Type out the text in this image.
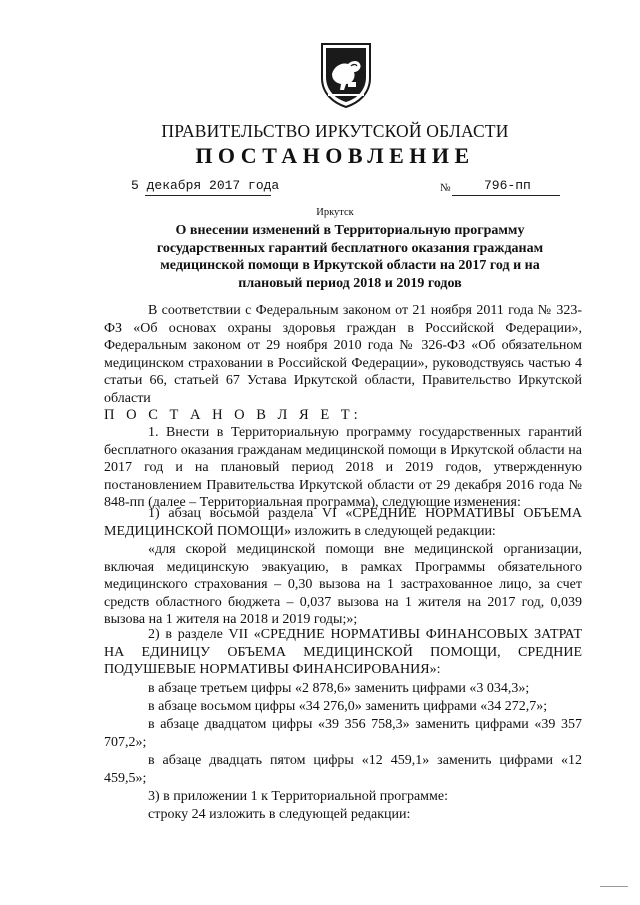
ПРАВИТЕЛЬСТВО ИРКУТСКОЙ ОБЛАСТИ
ПОСТАНОВЛЕНИЕ
5 декабря 2017 года	№	796-пп
Иркутск
О внесении изменений в Территориальную программу государственных гарантий бесплатного оказания гражданам медицинской помощи в Иркутской области на 2017 год и на плановый период 2018 и 2019 годов
В соответствии с Федеральным законом от 21 ноября 2011 года № 323-ФЗ «Об основах охраны здоровья граждан в Российской Федерации», Федеральным законом от 29 ноября 2010 года № 326-ФЗ «Об обязательном медицинском страховании в Российской Федерации», руководствуясь частью 4 статьи 66, статьей 67 Устава Иркутской области, Правительство Иркутской области
П О С Т А Н О В Л Я Е Т:
1. Внести в Территориальную программу государственных гарантий бесплатного оказания гражданам медицинской помощи в Иркутской области на 2017 год и на плановый период 2018 и 2019 годов, утвержденную постановлением Правительства Иркутской области от 29 декабря 2016 года № 848-пп (далее – Территориальная программа), следующие изменения:
1) абзац восьмой раздела VI «СРЕДНИЕ НОРМАТИВЫ ОБЪЕМА МЕДИЦИНСКОЙ ПОМОЩИ» изложить в следующей редакции:
«для скорой медицинской помощи вне медицинской организации, включая медицинскую эвакуацию, в рамках Программы обязательного медицинского страхования – 0,30 вызова на 1 застрахованное лицо, за счет средств областного бюджета – 0,037 вызова на 1 жителя на 2017 год, 0,039 вызова на 1 жителя на 2018 и 2019 годы;»;
2) в разделе VII «СРЕДНИЕ НОРМАТИВЫ ФИНАНСОВЫХ ЗАТРАТ НА ЕДИНИЦУ ОБЪЕМА МЕДИЦИНСКОЙ ПОМОЩИ, СРЕДНИЕ ПОДУШЕВЫЕ НОРМАТИВЫ ФИНАНСИРОВАНИЯ»:
в абзаце третьем цифры «2 878,6» заменить цифрами «3 034,3»;
в абзаце восьмом цифры «34 276,0» заменить цифрами «34 272,7»;
в абзаце двадцатом цифры «39 356 758,3» заменить цифрами «39 357 707,2»;
в абзаце двадцать пятом цифры «12 459,1» заменить цифрами «12 459,5»;
3) в приложении 1 к Территориальной программе:
строку 24 изложить в следующей редакции:
